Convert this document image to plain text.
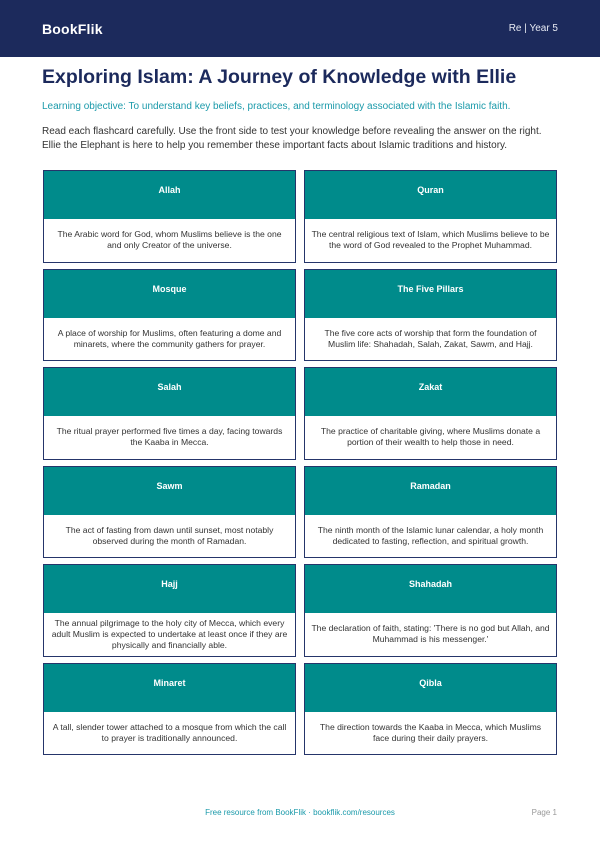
BookFlik	Re | Year 5
Exploring Islam: A Journey of Knowledge with Ellie

Learning objective: To understand key beliefs, practices, and terminology associated with the Islamic faith.

Read each flashcard carefully. Use the front side to test your knowledge before revealing the answer on the right. Ellie the Elephant is here to help you remember these important facts about Islamic traditions and history.

Allah
The Arabic word for God, whom Muslims believe is the one and only Creator of the universe.
Quran
The central religious text of Islam, which Muslims believe to be the word of God revealed to the Prophet Muhammad.
Mosque
A place of worship for Muslims, often featuring a dome and minarets, where the community gathers for prayer.
The Five Pillars
The five core acts of worship that form the foundation of Muslim life: Shahadah, Salah, Zakat, Sawm, and Hajj.
Salah
The ritual prayer performed five times a day, facing towards the Kaaba in Mecca.
Zakat
The practice of charitable giving, where Muslims donate a portion of their wealth to help those in need.
Sawm
The act of fasting from dawn until sunset, most notably observed during the month of Ramadan.
Ramadan
The ninth month of the Islamic lunar calendar, a holy month dedicated to fasting, reflection, and spiritual growth.
Hajj
The annual pilgrimage to the holy city of Mecca, which every adult Muslim is expected to undertake at least once if they are physically and financially able.
Shahadah
The declaration of faith, stating: 'There is no god but Allah, and Muhammad is his messenger.'
Minaret
A tall, slender tower attached to a mosque from which the call to prayer is traditionally announced.
Qibla
The direction towards the Kaaba in Mecca, which Muslims face during their daily prayers.
Free resource from BookFlik · bookflik.com/resources	Page 1
